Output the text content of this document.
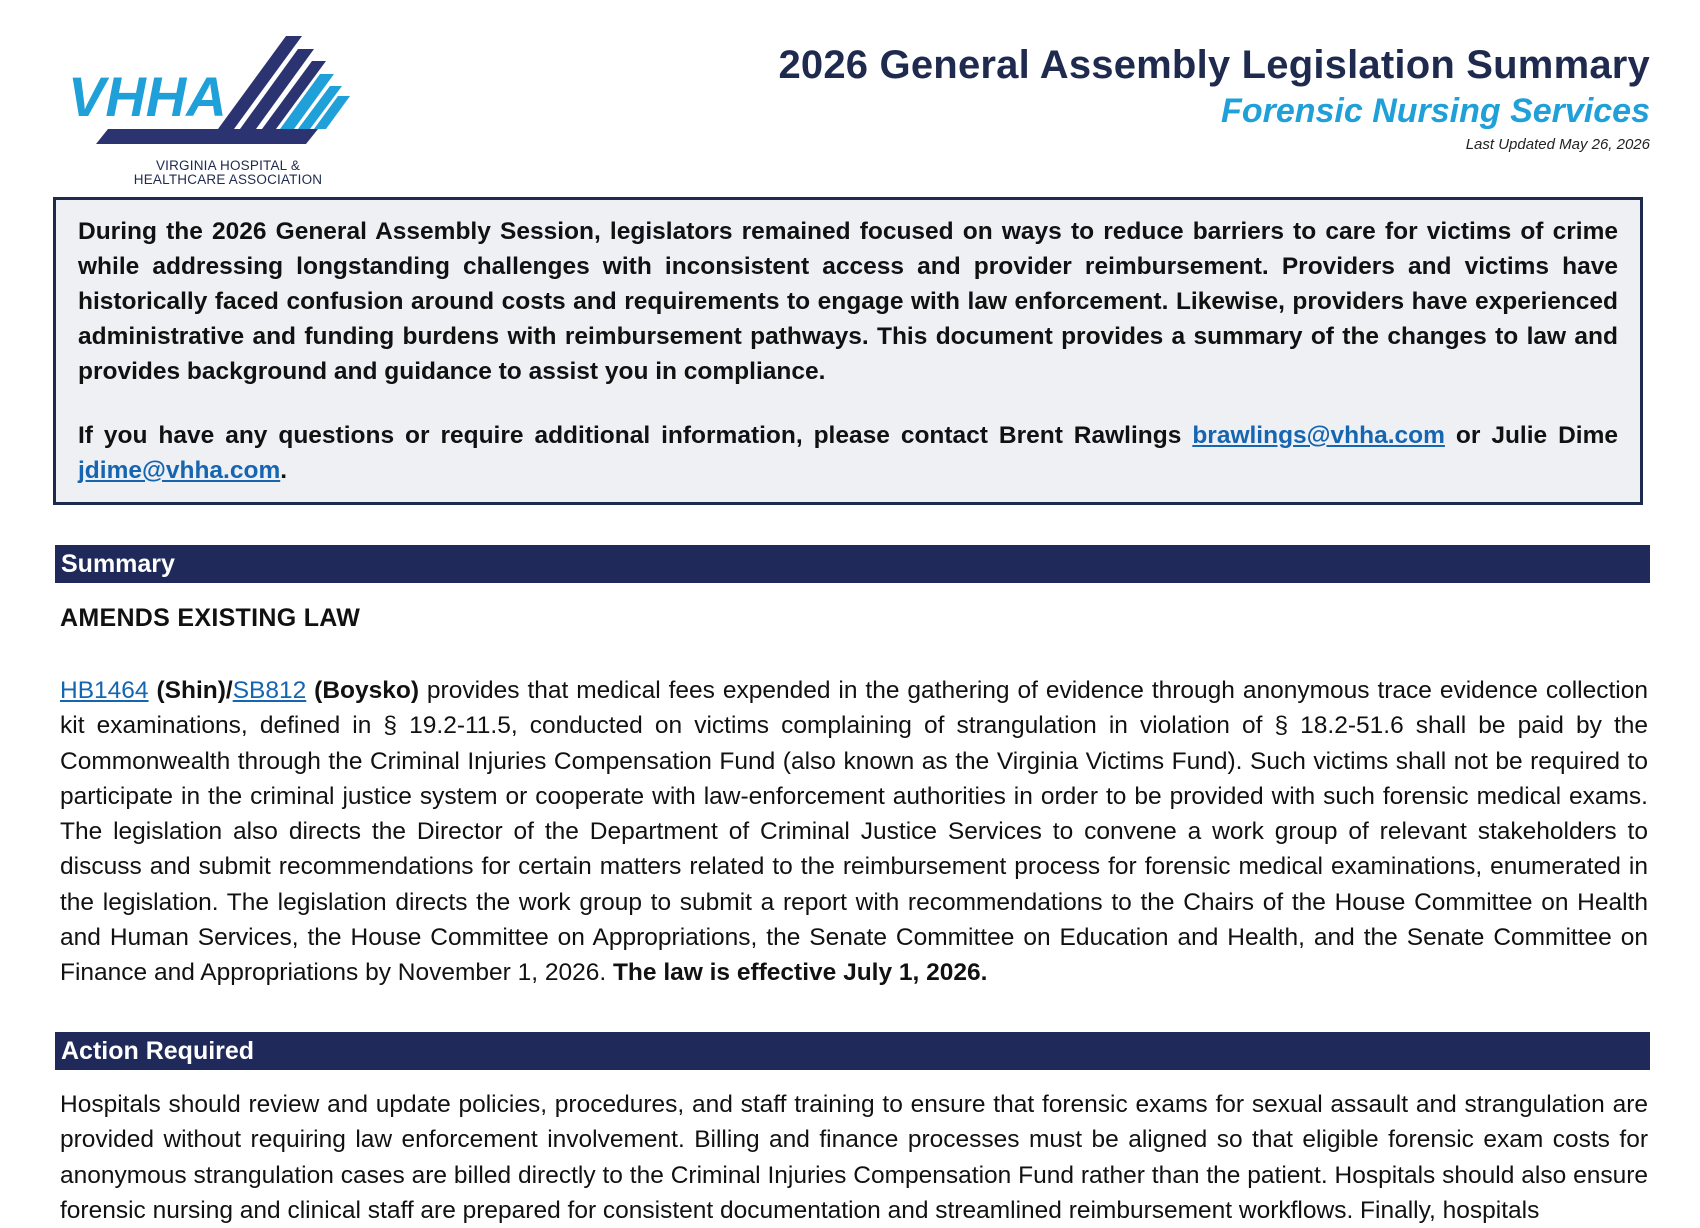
VHHA
VIRGINIA HOSPITAL &
HEALTHCARE ASSOCIATION
2026 General Assembly Legislation Summary
Forensic Nursing Services
Last Updated May 26, 2026

During the 2026 General Assembly Session, legislators remained focused on ways to reduce barriers to care for victims of crime while addressing longstanding challenges with inconsistent access and provider reimbursement. Providers and victims have historically faced confusion around costs and requirements to engage with law enforcement. Likewise, providers have experienced administrative and funding burdens with reimbursement pathways. This document provides a summary of the changes to law and provides background and guidance to assist you in compliance.

If you have any questions or require additional information, please contact Brent Rawlings brawlings@vhha.com or Julie Dime jdime@vhha.com.

Summary
AMENDS EXISTING LAW

HB1464 (Shin)/SB812 (Boysko) provides that medical fees expended in the gathering of evidence through anonymous trace evidence collection kit examinations, defined in § 19.2-11.5, conducted on victims complaining of strangulation in violation of § 18.2-51.6 shall be paid by the Commonwealth through the Criminal Injuries Compensation Fund (also known as the Virginia Victims Fund). Such victims shall not be required to participate in the criminal justice system or cooperate with law-enforcement authorities in order to be provided with such forensic medical exams. The legislation also directs the Director of the Department of Criminal Justice Services to convene a work group of relevant stakeholders to discuss and submit recommendations for certain matters related to the reimbursement process for forensic medical examinations, enumerated in the legislation. The legislation directs the work group to submit a report with recommendations to the Chairs of the House Committee on Health and Human Services, the House Committee on Appropriations, the Senate Committee on Education and Health, and the Senate Committee on Finance and Appropriations by November 1, 2026. The law is effective July 1, 2026.

Action Required

Hospitals should review and update policies, procedures, and staff training to ensure that forensic exams for sexual assault and strangulation are provided without requiring law enforcement involvement. Billing and finance processes must be aligned so that eligible forensic exam costs for anonymous strangulation cases are billed directly to the Criminal Injuries Compensation Fund rather than the patient. Hospitals should also ensure forensic nursing and clinical staff are prepared for consistent documentation and streamlined reimbursement workflows. Finally, hospitals
